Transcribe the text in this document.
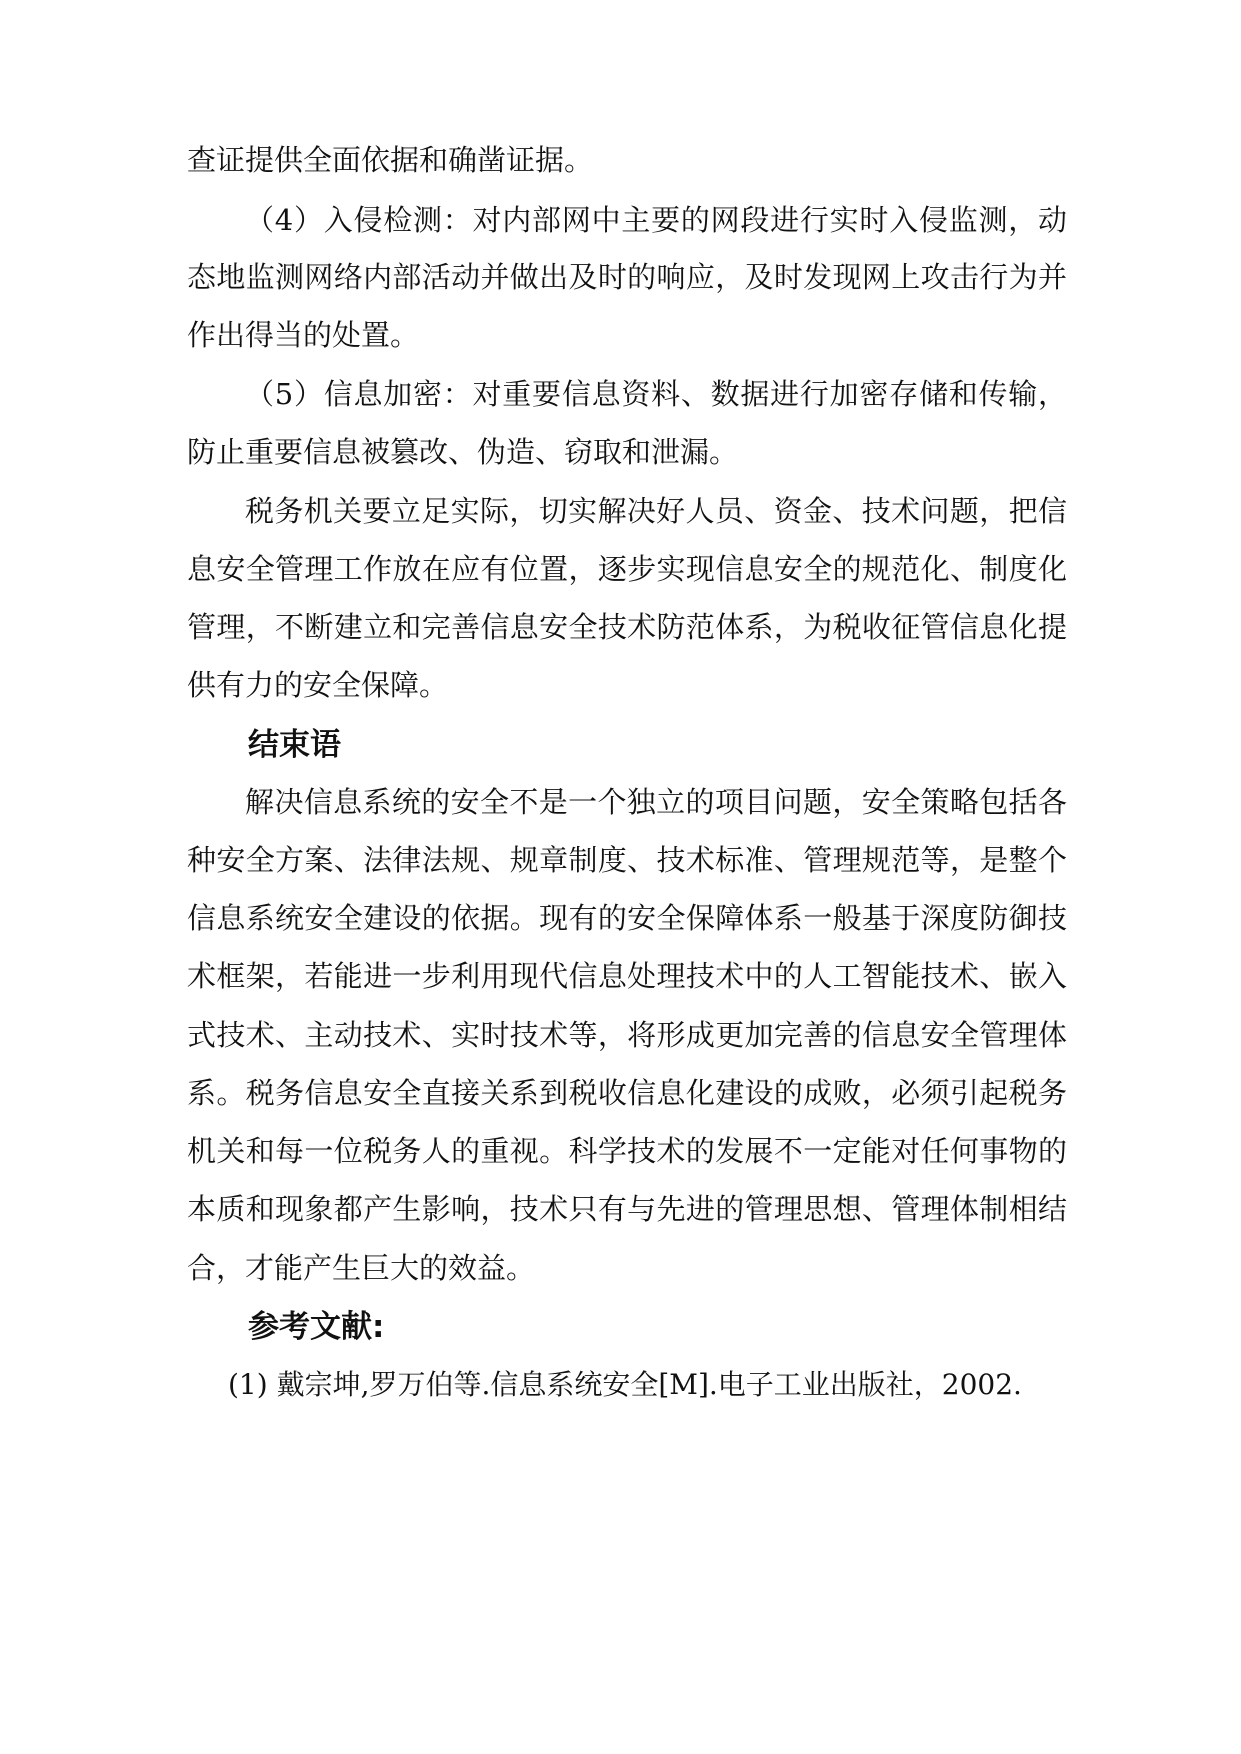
查证提供全面依据和确凿证据。
（4）入侵检测：对内部网中主要的网段进行实时入侵监测，动
态地监测网络内部活动并做出及时的响应，及时发现网上攻击行为并
作出得当的处置。
（5）信息加密：对重要信息资料、数据进行加密存储和传输，
防止重要信息被篡改、伪造、窃取和泄漏。
税务机关要立足实际，切实解决好人员、资金、技术问题，把信
息安全管理工作放在应有位置，逐步实现信息安全的规范化、制度化
管理，不断建立和完善信息安全技术防范体系，为税收征管信息化提
供有力的安全保障。
结束语
解决信息系统的安全不是一个独立的项目问题，安全策略包括各
种安全方案、法律法规、规章制度、技术标准、管理规范等，是整个
信息系统安全建设的依据。现有的安全保障体系一般基于深度防御技
术框架，若能进一步利用现代信息处理技术中的人工智能技术、嵌入
式技术、主动技术、实时技术等，将形成更加完善的信息安全管理体
系。税务信息安全直接关系到税收信息化建设的成败，必须引起税务
机关和每一位税务人的重视。科学技术的发展不一定能对任何事物的
本质和现象都产生影响，技术只有与先进的管理思想、管理体制相结
合，才能产生巨大的效益。
参考文献:
(1) 戴宗坤,罗万伯等.信息系统安全[M].电子工业出版社，2002.
